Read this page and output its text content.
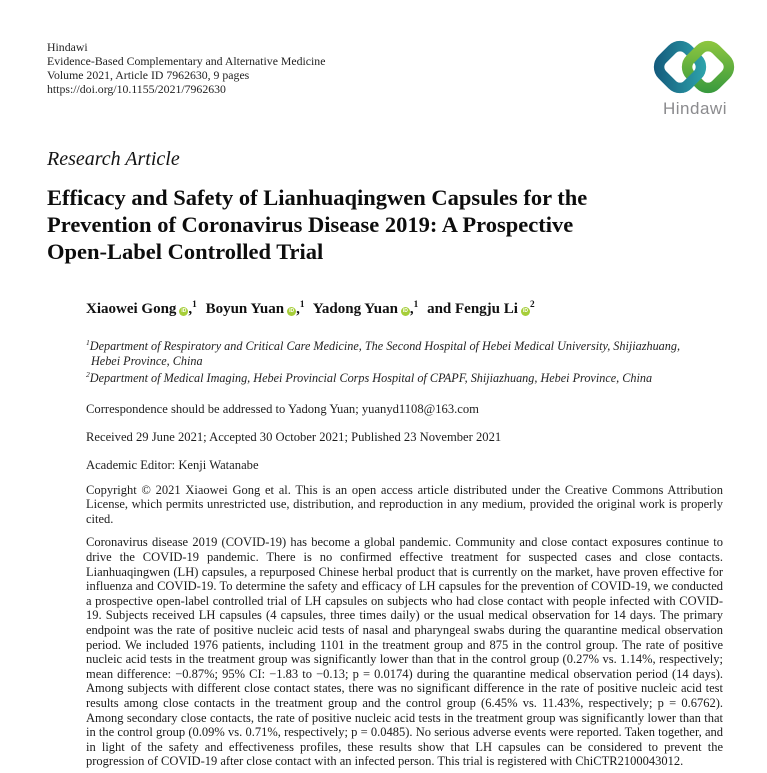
Hindawi
Evidence-Based Complementary and Alternative Medicine
Volume 2021, Article ID 7962630, 9 pages
https://doi.org/10.1155/2021/7962630
Hindawi
Research Article
Efficacy and Safety of Lianhuaqingwen Capsules for the
Prevention of Coronavirus Disease 2019: A Prospective
Open-Label Controlled Trial
Xiaowei Gong iD ,$^1$ Boyun Yuan iD ,$^1$ Yadong Yuan iD ,$^1$ and Fengju Li $iD^2$
$^1$Department of Respiratory and Critical Care Medicine, The Second Hospital of Hebei Medical University, Shijiazhuang,
Hebei Province, China
$^2$Department of Medical Imaging, Hebei Provincial Corps Hospital of CPAPF, Shijiazhuang, Hebei Province, China
Correspondence should be addressed to Yadong Yuan; yuanyd1108@163.com
Received 29 June 2021; Accepted 30 October 2021; Published 23 November 2021
Academic Editor: Kenji Watanabe
Copyright © 2021 Xiaowei Gong et al. This is an open access article distributed under the Creative Commons Attribution License, which permits unrestricted use, distribution, and reproduction in any medium, provided the original work is properly cited.
Coronavirus disease 2019 (COVID-19) has become a global pandemic. Community and close contact exposures continue to drive the COVID-19 pandemic. There is no confirmed effective treatment for suspected cases and close contacts. Lianhuaqingwen (LH) capsules, a repurposed Chinese herbal product that is currently on the market, have proven effective for influenza and COVID-19. To determine the safety and efficacy of LH capsules for the prevention of COVID-19, we conducted a prospective open-label controlled trial of LH capsules on subjects who had close contact with people infected with COVID-19. Subjects received LH capsules (4 capsules, three times daily) or the usual medical observation for 14 days. The primary endpoint was the rate of positive nucleic acid tests of nasal and pharyngeal swabs during the quarantine medical observation period. We included 1976 patients, including 1101 in the treatment group and 875 in the control group. The rate of positive nucleic acid tests in the treatment group was significantly lower than that in the control group (0.27% vs. 1.14%, respectively; mean difference: −0.87%; 95% CI: −1.83 to −0.13; p = 0.0174) during the quarantine medical observation period (14 days). Among subjects with different close contact states, there was no significant difference in the rate of positive nucleic acid test results among close contacts in the treatment group and the control group (6.45% vs. 11.43%, respectively; p = 0.6762). Among secondary close contacts, the rate of positive nucleic acid tests in the treatment group was significantly lower than that in the control group (0.09% vs. 0.71%, respectively; p = 0.0485). No serious adverse events were reported. Taken together, and in light of the safety and effectiveness profiles, these results show that LH capsules can be considered to prevent the progression of COVID-19 after close contact with an infected person. This trial is registered with ChiCTR2100043012.
